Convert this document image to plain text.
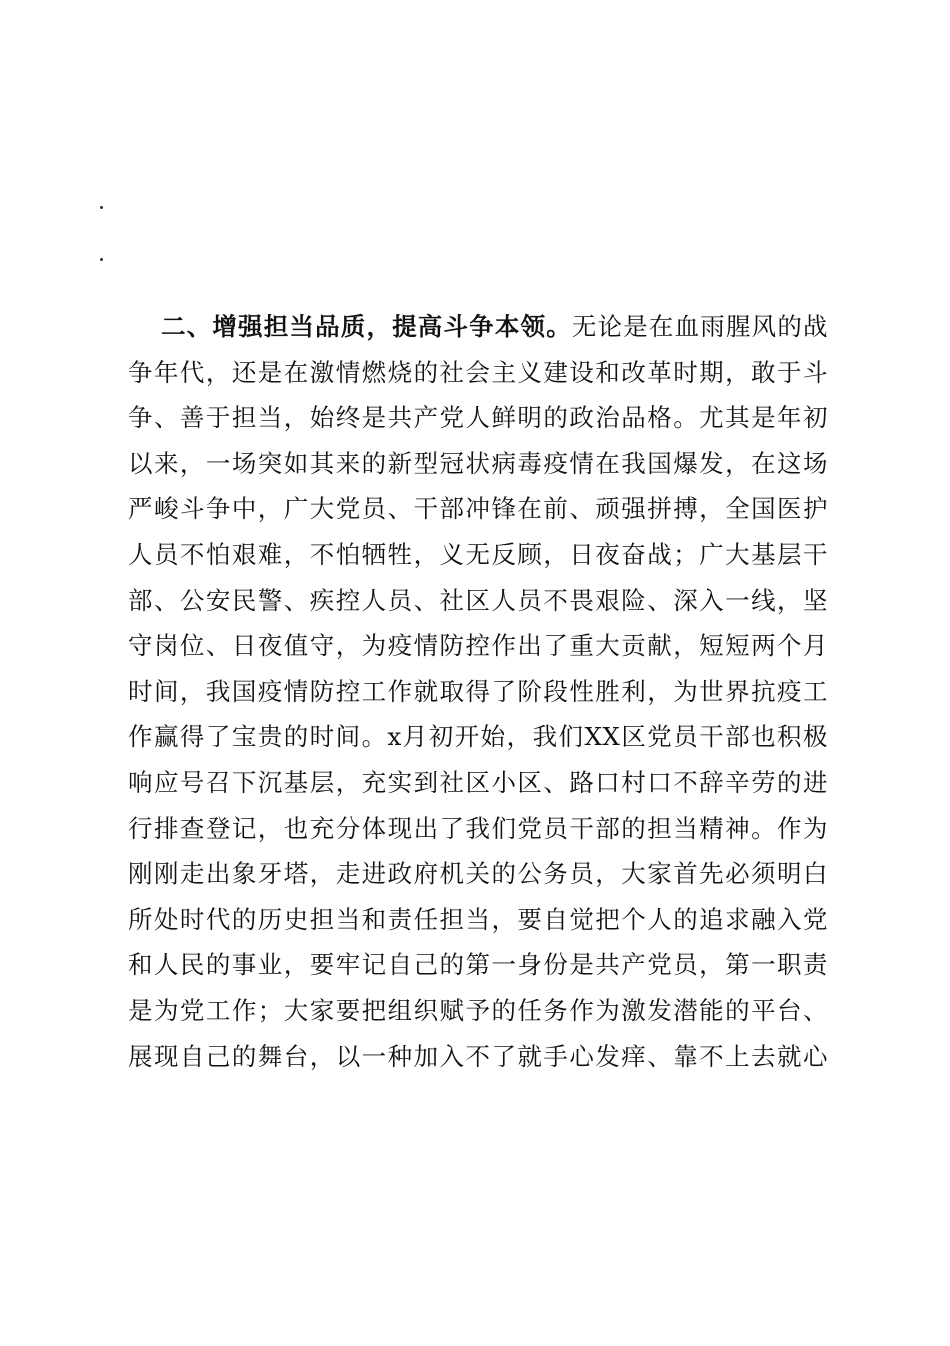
二、增强担当品质，提高斗争本领。无论是在血雨腥风的战
争年代，还是在激情燃烧的社会主义建设和改革时期，敢于斗
争、善于担当，始终是共产党人鲜明的政治品格。尤其是年初
以来，一场突如其来的新型冠状病毒疫情在我国爆发，在这场
严峻斗争中，广大党员、干部冲锋在前、顽强拼搏，全国医护
人员不怕艰难，不怕牺牲，义无反顾，日夜奋战；广大基层干
部、公安民警、疾控人员、社区人员不畏艰险、深入一线，坚
守岗位、日夜值守，为疫情防控作出了重大贡献，短短两个月
时间，我国疫情防控工作就取得了阶段性胜利，为世界抗疫工
作赢得了宝贵的时间。x月初开始，我们XX区党员干部也积极
响应号召下沉基层，充实到社区小区、路口村口不辞辛劳的进
行排查登记，也充分体现出了我们党员干部的担当精神。作为
刚刚走出象牙塔，走进政府机关的公务员，大家首先必须明白
所处时代的历史担当和责任担当，要自觉把个人的追求融入党
和人民的事业，要牢记自己的第一身份是共产党员，第一职责
是为党工作；大家要把组织赋予的任务作为激发潜能的平台、
展现自己的舞台，以一种加入不了就手心发痒、靠不上去就心
